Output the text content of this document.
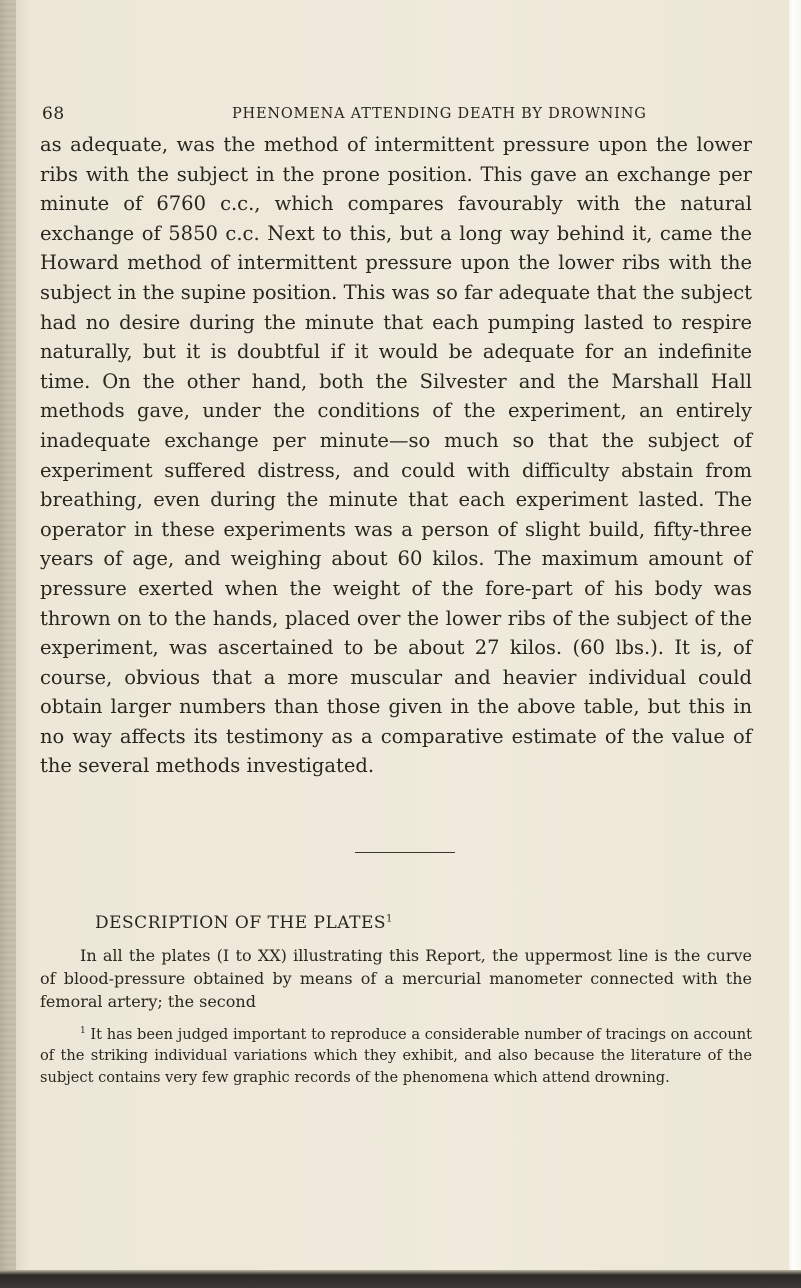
68	PHENOMENA ATTENDING DEATH BY DROWNING

as adequate, was the method of intermittent pressure upon the lower ribs with the subject in the prone position. This gave an exchange per minute of 6760 c.c., which compares favourably with the natural exchange of 5850 c.c. Next to this, but a long way behind it, came the Howard method of intermittent pressure upon the lower ribs with the subject in the supine position. This was so far adequate that the subject had no desire during the minute that each pumping lasted to respire naturally, but it is doubtful if it would be adequate for an indefinite time. On the other hand, both the Silvester and the Marshall Hall methods gave, under the conditions of the experiment, an entirely inadequate exchange per minute—so much so that the subject of experiment suffered distress, and could with difficulty abstain from breathing, even during the minute that each experiment lasted. The operator in these experiments was a person of slight build, fifty-three years of age, and weighing about 60 kilos. The maximum amount of pressure exerted when the weight of the fore-part of his body was thrown on to the hands, placed over the lower ribs of the subject of the experiment, was ascertained to be about 27 kilos. (60 lbs.). It is, of course, obvious that a more muscular and heavier individual could obtain larger numbers than those given in the above table, but this in no way affects its testimony as a comparative estimate of the value of the several methods investigated.

DESCRIPTION OF THE PLATES$^1$

In all the plates (I to XX) illustrating this Report, the uppermost line is the curve of blood-pressure obtained by means of a mercurial manometer connected with the femoral artery; the second

$^1$ It has been judged important to reproduce a considerable number of tracings on account of the striking individual variations which they exhibit, and also because the literature of the subject contains very few graphic records of the phenomena which attend drowning.
